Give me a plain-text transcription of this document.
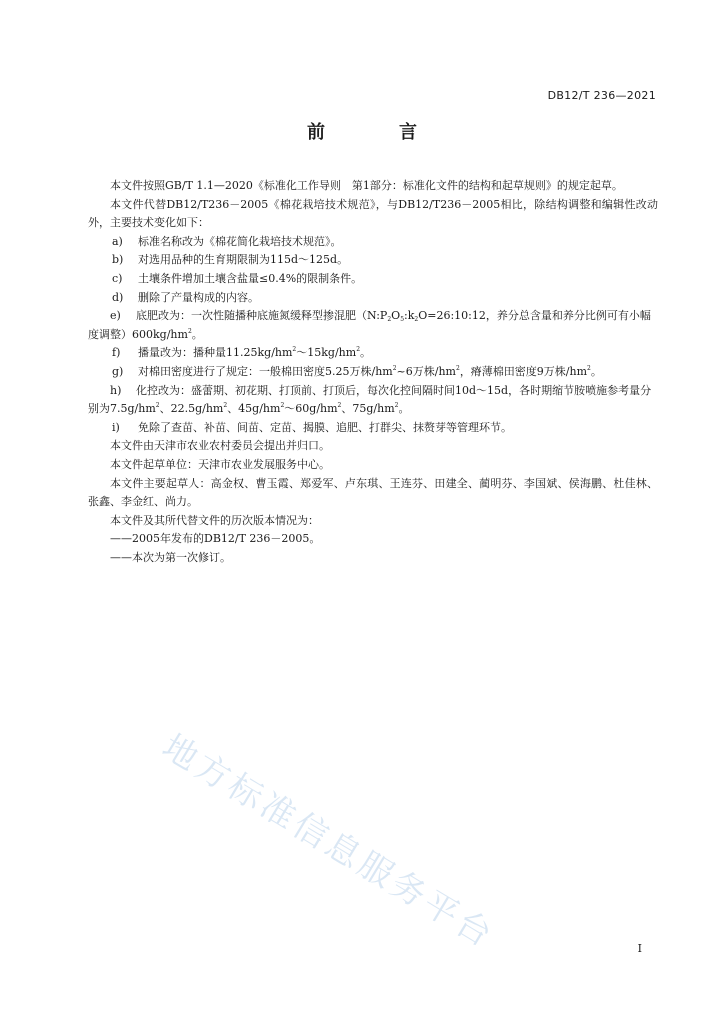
DB12/T 236—2021
前　言

本文件按照GB/T 1.1—2020《标准化工作导则　第1部分：标准化文件的结构和起草规则》的规定起草。

本文件代替DB12/T236－2005《棉花栽培技术规范》，与DB12/T236－2005相比，除结构调整和编辑性改动外，主要技术变化如下：

a)	标准名称改为《棉花简化栽培技术规范》。
b)	对选用品种的生育期限制为115d～125d。
c)	土壤条件增加土壤含盐量≤0.4%的限制条件。
d)	删除了产量构成的内容。
e) 底肥改为：一次性随播种底施氮缓释型掺混肥（$N:P_2O_5:k_2O=26:10:12$，养分总含量和养分比例可有小幅度调整）$600kg/hm^2$。
f)	播量改为：播种量$11.25kg/hm^2\sim 15kg/hm^2$。
g)	对棉田密度进行了规定：一般棉田密度5.25万株$/hm^2\sim 6$万株$/hm^2$，瘠薄棉田密度9万株$/hm^2$。
h) 化控改为：盛蕾期、初花期、打顶前、打顶后，每次化控间隔时间10d～15d，各时期缩节胺喷施参考量分别为$7.5g/hm^2$、$22.5g/hm^2$、$45g/hm^2\sim 60g/hm^2$、$75g/hm^2$。
i)	免除了查苗、补苗、间苗、定苗、揭膜、追肥、打群尖、抹赘芽等管理环节。

本文件由天津市农业农村委员会提出并归口。

本文件起草单位：天津市农业发展服务中心。

本文件主要起草人：高金权、曹玉霞、郑爱军、卢东琪、王连芬、田建全、蔺明芬、李国斌、侯海鹏、杜佳林、张鑫、李金红、尚力。

本文件及其所代替文件的历次版本情况为：

——2005年发布的DB12/T 236－2005。

——本次为第一次修订。

地方标准信息服务平台	I
